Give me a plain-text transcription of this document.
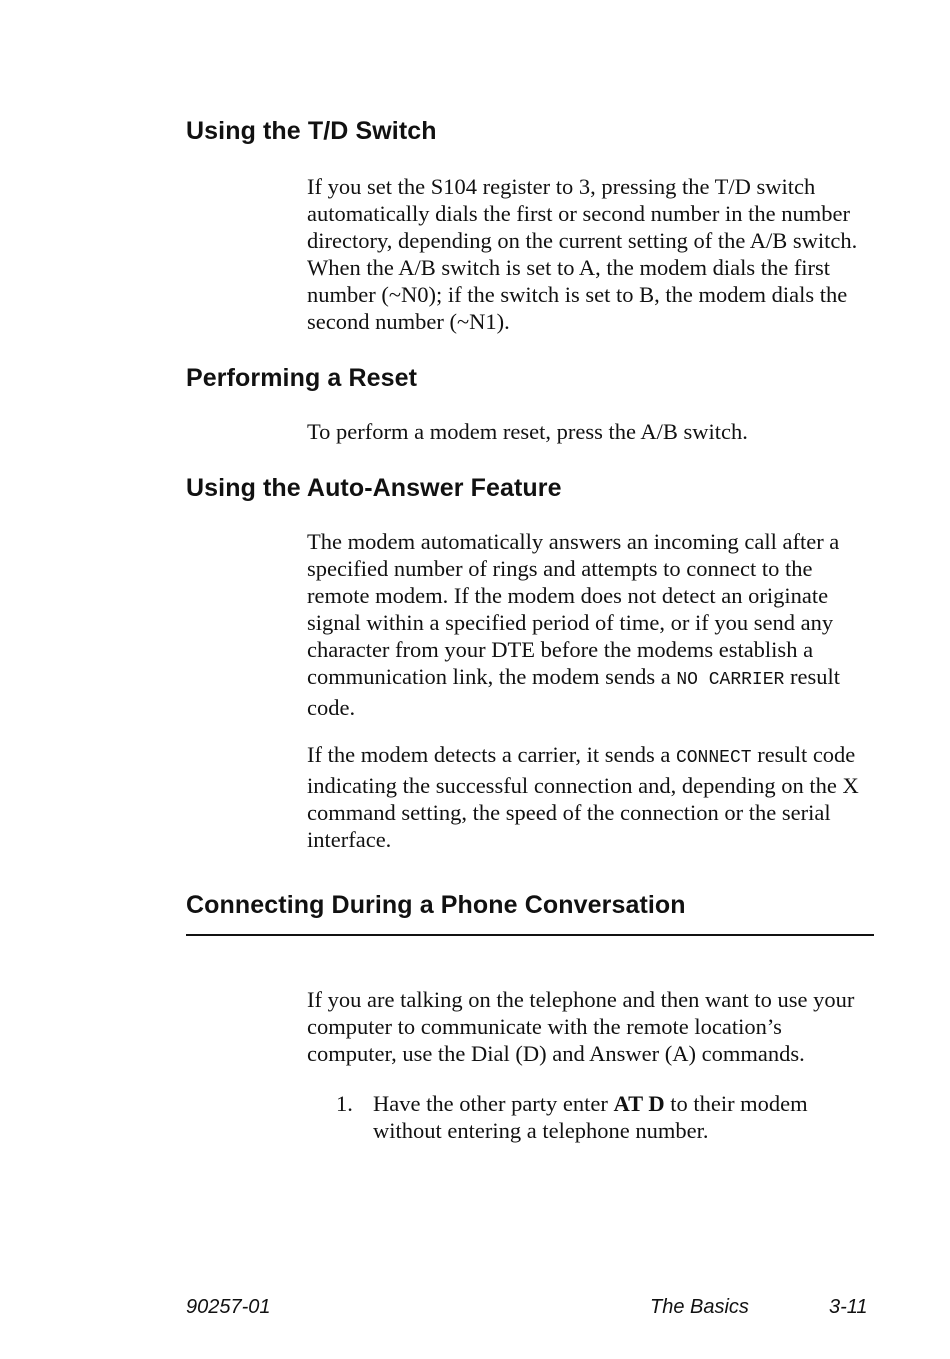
Using the T/D Switch

If you set the S104 register to 3, pressing the T/D switch automatically dials the first or second number in the number directory, depending on the current setting of the A/B switch. When the A/B switch is set to A, the modem dials the first number (~N0); if the switch is set to B, the modem dials the second number (~N1).

Performing a Reset

To perform a modem reset, press the A/B switch.

Using the Auto-Answer Feature

The modem automatically answers an incoming call after a specified number of rings and attempts to connect to the remote modem. If the modem does not detect an originate signal within a specified period of time, or if you send any character from your DTE before the modems establish a communication link, the modem sends a NO CARRIER result code.

If the modem detects a carrier, it sends a CONNECT result code indicating the successful connection and, depending on the X command setting, the speed of the connection or the serial interface.

Connecting During a Phone Conversation

If you are talking on the telephone and then want to use your computer to communicate with the remote location’s computer, use the Dial (D) and Answer (A) commands.

1. Have the other party enter AT D to their modem without entering a telephone number.
90257-01	The Basics	3-11
